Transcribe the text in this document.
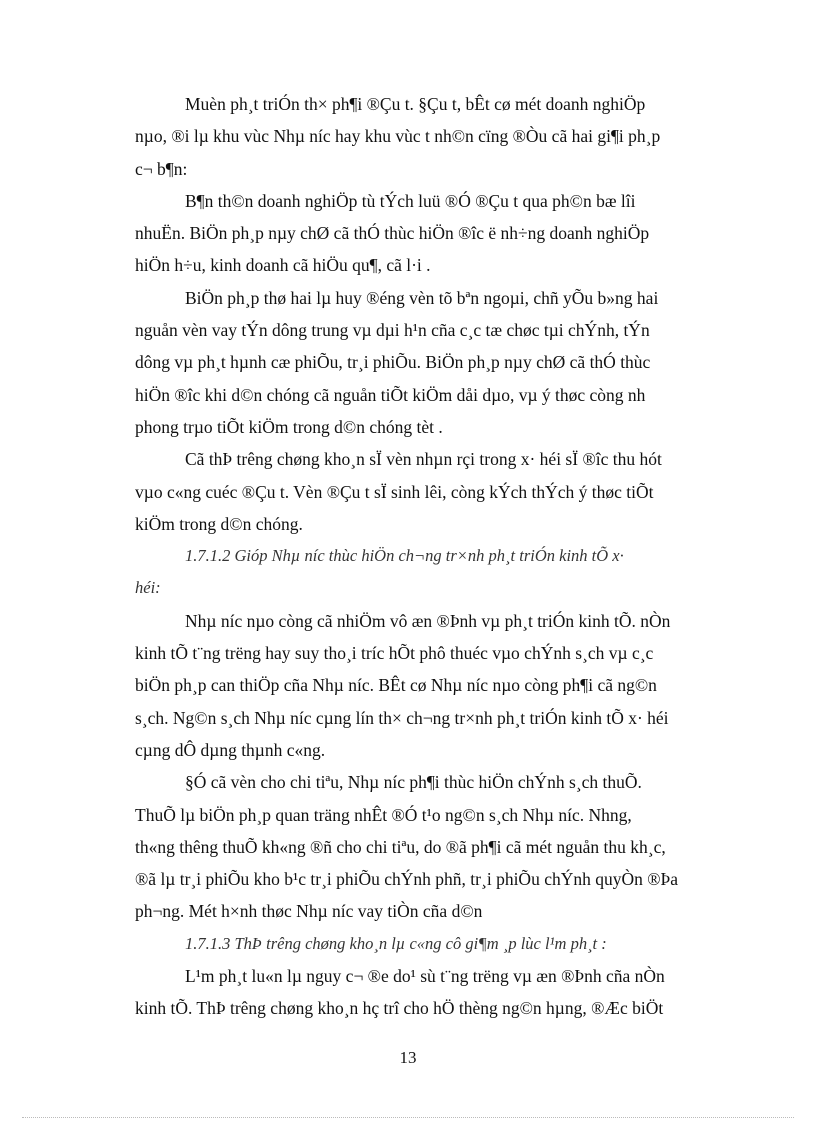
Muèn ph¸t triÓn th× ph¶i ®Çu t. §Çu t, bÊt cø mét doanh nghiÖp
nµo, ®i lµ khu vùc Nhµ níc hay khu vùc t nh©n cïng ®Òu cã hai gi¶i ph¸p
c¬ b¶n:
B¶n th©n doanh nghiÖp tù tÝch luü ®Ó ®Çu t qua ph©n bæ lîi
nhuËn. BiÖn ph¸p nµy chØ cã thÓ thùc hiÖn ®îc ë nh÷ng doanh nghiÖp
hiÖn h÷u, kinh doanh cã hiÖu qu¶, cã l·i .
BiÖn ph¸p thø hai lµ huy ®éng vèn tõ bªn ngoµi, chñ yÕu b»ng hai
nguån vèn vay tÝn dông trung vµ dµi h¹n cña c¸c tæ chøc tµi chÝnh, tÝn
dông vµ ph¸t hµnh cæ phiÕu, tr¸i phiÕu. BiÖn ph¸p nµy chØ cã thÓ thùc
hiÖn ®îc khi d©n chóng cã nguån tiÕt kiÖm dåi dµo, vµ ý thøc còng nh
phong trµo tiÕt kiÖm trong d©n chóng tèt .
Cã thÞ trêng chøng kho¸n sÏ vèn nhµn rçi trong x· héi sÏ ®îc thu hót
vµo c«ng cuéc ®Çu t. Vèn ®Çu t sÏ sinh lêi, còng kÝch thÝch ý thøc tiÕt
kiÖm trong d©n chóng.
1.7.1.2 Gióp Nhµ níc thùc hiÖn ch¬ng tr×nh ph¸t triÓn kinh tÕ x·
héi:
Nhµ níc nµo còng cã nhiÖm vô æn ®Þnh vµ ph¸t triÓn kinh tÕ. nÒn
kinh tÕ t¨ng trëng hay suy tho¸i tríc hÕt phô thuéc vµo chÝnh s¸ch vµ c¸c
biÖn ph¸p can thiÖp cña Nhµ níc. BÊt cø Nhµ níc nµo còng ph¶i cã ng©n
s¸ch. Ng©n s¸ch Nhµ níc cµng lín th× ch¬ng tr×nh ph¸t triÓn kinh tÕ x· héi
cµng dÔ dµng thµnh c«ng.
§Ó cã vèn cho chi tiªu, Nhµ níc ph¶i thùc hiÖn chÝnh s¸ch thuÕ.
ThuÕ lµ biÖn ph¸p quan träng nhÊt ®Ó t¹o ng©n s¸ch Nhµ níc. Nhng,
th«ng thêng thuÕ kh«ng ®ñ cho chi tiªu, do ®ã ph¶i cã mét nguån thu kh¸c,
®ã lµ tr¸i phiÕu kho b¹c tr¸i phiÕu chÝnh phñ, tr¸i phiÕu chÝnh quyÒn ®Þa
ph¬ng. Mét h×nh thøc Nhµ níc vay tiÒn cña d©n
1.7.1.3 ThÞ trêng chøng kho¸n lµ c«ng cô gi¶m ¸p lùc l¹m ph¸t :
L¹m ph¸t lu«n lµ nguy c¬ ®e do¹ sù t¨ng trëng vµ æn ®Þnh cña nÒn
kinh tÕ. ThÞ trêng chøng kho¸n hç trî cho hÖ thèng ng©n hµng, ®Æc biÖt
13
